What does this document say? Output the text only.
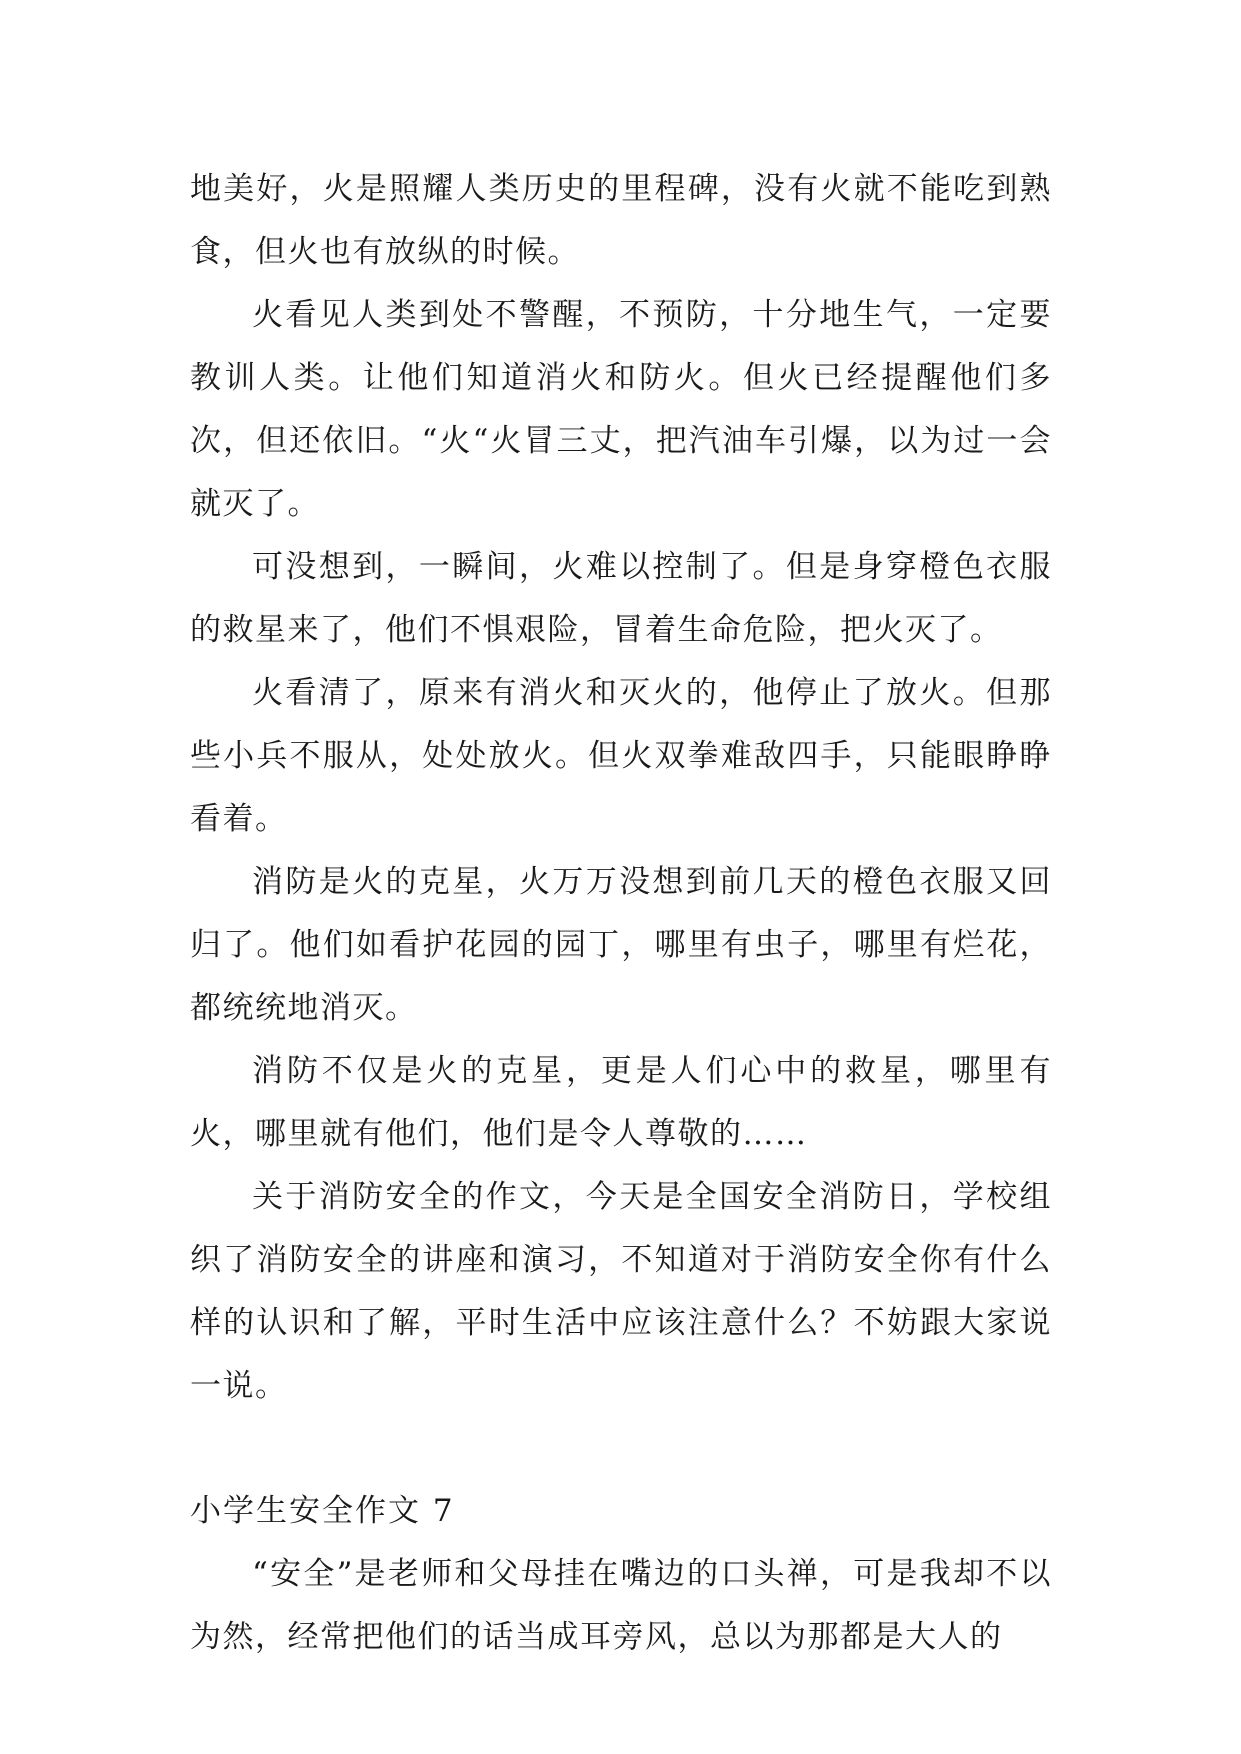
地美好，火是照耀人类历史的里程碑，没有火就不能吃到熟食，但火也有放纵的时候。

火看见人类到处不警醒，不预防，十分地生气，一定要教训人类。让他们知道消火和防火。但火已经提醒他们多次，但还依旧。“火“火冒三丈，把汽油车引爆，以为过一会就灭了。

可没想到，一瞬间，火难以控制了。但是身穿橙色衣服的救星来了，他们不惧艰险，冒着生命危险，把火灭了。

火看清了，原来有消火和灭火的，他停止了放火。但那些小兵不服从，处处放火。但火双拳难敌四手，只能眼睁睁看着。

消防是火的克星，火万万没想到前几天的橙色衣服又回归了。他们如看护花园的园丁，哪里有虫子，哪里有烂花，都统统地消灭。

消防不仅是火的克星，更是人们心中的救星，哪里有火，哪里就有他们，他们是令人尊敬的……

关于消防安全的作文，今天是全国安全消防日，学校组织了消防安全的讲座和演习，不知道对于消防安全你有什么样的认识和了解，平时生活中应该注意什么？不妨跟大家说一说。

小学生安全作文 7

“安全”是老师和父母挂在嘴边的口头禅，可是我却不以为然，经常把他们的话当成耳旁风，总以为那都是大人的
